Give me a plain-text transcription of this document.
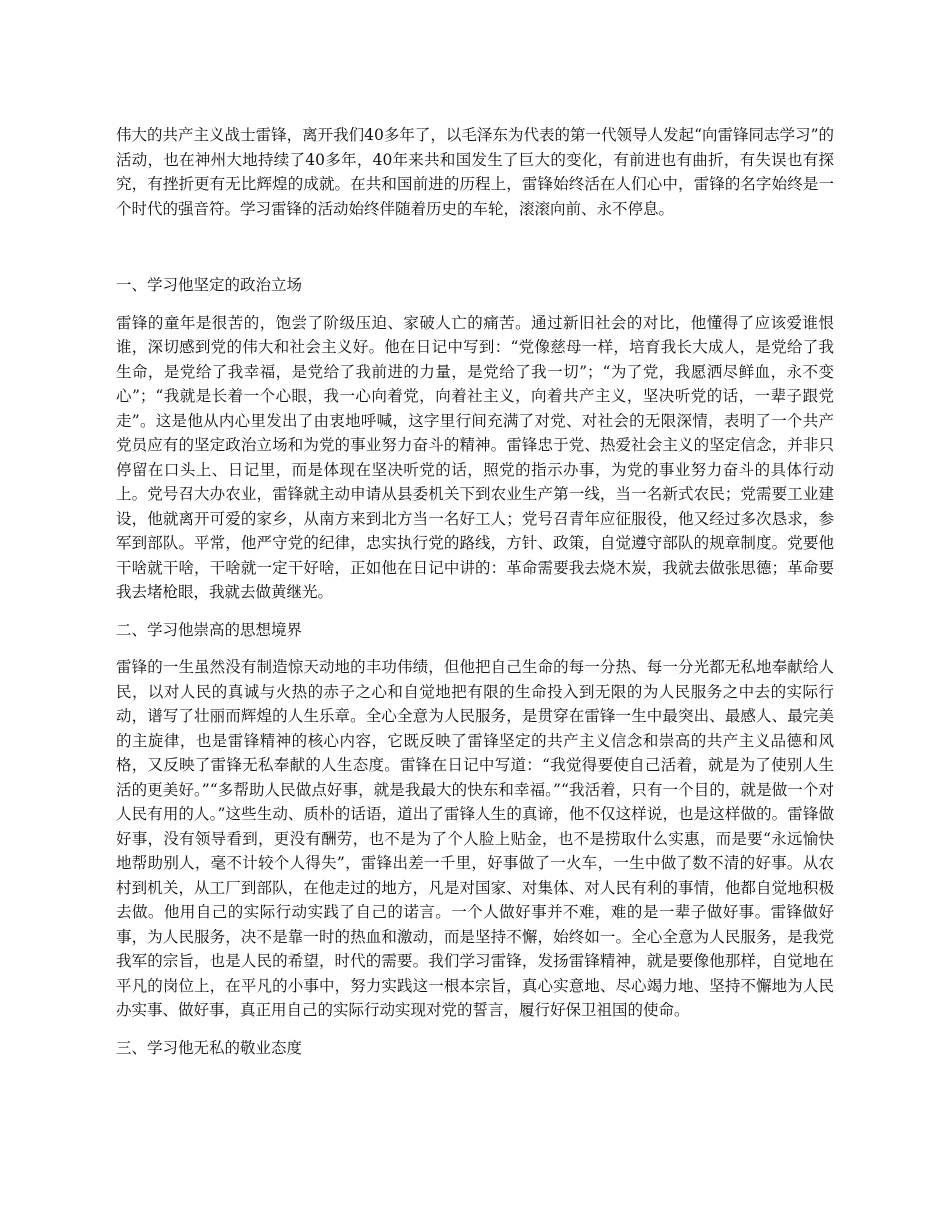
伟大的共产主义战士雷锋，离开我们40多年了，以毛泽东为代表的第一代领导人发起“向雷锋同志学习”的活动，也在神州大地持续了40多年，40年来共和国发生了巨大的变化，有前进也有曲折，有失误也有探究，有挫折更有无比辉煌的成就。在共和国前进的历程上，雷锋始终活在人们心中，雷锋的名字始终是一个时代的强音符。学习雷锋的活动始终伴随着历史的车轮，滚滚向前、永不停息。

一、学习他坚定的政治立场

雷锋的童年是很苦的，饱尝了阶级压迫、家破人亡的痛苦。通过新旧社会的对比，他懂得了应该爱谁恨谁，深切感到党的伟大和社会主义好。他在日记中写到：“党像慈母一样，培育我长大成人，是党给了我生命，是党给了我幸福，是党给了我前进的力量，是党给了我一切”；“为了党，我愿洒尽鲜血，永不变心”；“我就是长着一个心眼，我一心向着党，向着社主义，向着共产主义，坚决听党的话，一辈子跟党走”。这是他从内心里发出了由衷地呼喊，这字里行间充满了对党、对社会的无限深情，表明了一个共产党员应有的坚定政治立场和为党的事业努力奋斗的精神。雷锋忠于党、热爱社会主义的坚定信念，并非只停留在口头上、日记里，而是体现在坚决听党的话，照党的指示办事，为党的事业努力奋斗的具体行动上。党号召大办农业，雷锋就主动申请从县委机关下到农业生产第一线，当一名新式农民；党需要工业建设，他就离开可爱的家乡，从南方来到北方当一名好工人；党号召青年应征服役，他又经过多次恳求，参军到部队。平常，他严守党的纪律，忠实执行党的路线，方针、政策，自觉遵守部队的规章制度。党要他干啥就干啥，干啥就一定干好啥，正如他在日记中讲的：革命需要我去烧木炭，我就去做张思德；革命要我去堵枪眼，我就去做黄继光。

二、学习他崇高的思想境界

雷锋的一生虽然没有制造惊天动地的丰功伟绩，但他把自己生命的每一分热、每一分光都无私地奉献给人民，以对人民的真诚与火热的赤子之心和自觉地把有限的生命投入到无限的为人民服务之中去的实际行动，谱写了壮丽而辉煌的人生乐章。全心全意为人民服务，是贯穿在雷锋一生中最突出、最感人、最完美的主旋律，也是雷锋精神的核心内容，它既反映了雷锋坚定的共产主义信念和崇高的共产主义品德和风格，又反映了雷锋无私奉献的人生态度。雷锋在日记中写道：“我觉得要使自己活着，就是为了使别人生活的更美好。”“多帮助人民做点好事，就是我最大的快东和幸福。”“我活着，只有一个目的，就是做一个对人民有用的人。”这些生动、质朴的话语，道出了雷锋人生的真谛，他不仅这样说，也是这样做的。雷锋做好事，没有领导看到，更没有酬劳，也不是为了个人脸上贴金，也不是捞取什么实惠，而是要“永远愉快地帮助别人，毫不计较个人得失”，雷锋出差一千里，好事做了一火车，一生中做了数不清的好事。从农村到机关，从工厂到部队，在他走过的地方，凡是对国家、对集体、对人民有利的事情，他都自觉地积极去做。他用自己的实际行动实践了自己的诺言。一个人做好事并不难，难的是一辈子做好事。雷锋做好事，为人民服务，决不是靠一时的热血和激动，而是坚持不懈，始终如一。全心全意为人民服务，是我党我军的宗旨，也是人民的希望，时代的需要。我们学习雷锋，发扬雷锋精神，就是要像他那样，自觉地在平凡的岗位上，在平凡的小事中，努力实践这一根本宗旨，真心实意地、尽心竭力地、坚持不懈地为人民办实事、做好事，真正用自己的实际行动实现对党的誓言，履行好保卫祖国的使命。

三、学习他无私的敬业态度
